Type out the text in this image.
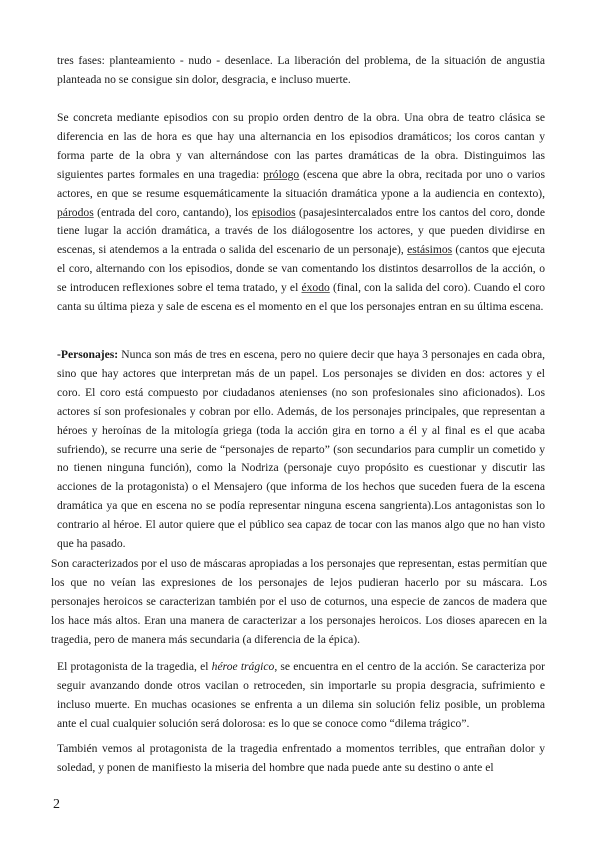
tres fases: planteamiento - nudo - desenlace. La liberación del problema, de la situación de angustia planteada no se consigue sin dolor, desgracia, e incluso muerte.

Se concreta mediante episodios con su propio orden dentro de la obra. Una obra de teatro clásica se diferencia en las de hora es que hay una alternancia en los episodios dramáticos; los coros cantan y forma parte de la obra y van alternándose con las partes dramáticas de la obra. Distinguimos las siguientes partes formales en una tragedia: prólogo (escena que abre la obra, recitada por uno o varios actores, en que se resume esquemáticamente la situación dramática ypone a la audiencia en contexto), párodos (entrada del coro, cantando), los episodios (pasajesintercalados entre los cantos del coro, donde tiene lugar la acción dramática, a través de los diálogosentre los actores, y que pueden dividirse en escenas, si atendemos a la entrada o salida del escenario de un personaje), estásimos (cantos que ejecuta el coro, alternando con los episodios, donde se van comentando los distintos desarrollos de la acción, o se introducen reflexiones sobre el tema tratado, y el éxodo (final, con la salida del coro). Cuando el coro canta su última pieza y sale de escena es el momento en el que los personajes entran en su última escena.

-Personajes: Nunca son más de tres en escena, pero no quiere decir que haya 3 personajes en cada obra, sino que hay actores que interpretan más de un papel. Los personajes se dividen en dos: actores y el coro. El coro está compuesto por ciudadanos atenienses (no son profesionales sino aficionados). Los actores sí son profesionales y cobran por ello. Además, de los personajes principales, que representan a héroes y heroínas de la mitología griega (toda la acción gira en torno a él y al final es el que acaba sufriendo), se recurre una serie de “personajes de reparto” (son secundarios para cumplir un cometido y no tienen ninguna función), como la Nodriza (personaje cuyo propósito es cuestionar y discutir las acciones de la protagonista) o el Mensajero (que informa de los hechos que suceden fuera de la escena dramática ya que en escena no se podía representar ninguna escena sangrienta).Los antagonistas son lo contrario al héroe. El autor quiere que el público sea capaz de tocar con las manos algo que no han visto que ha pasado.

Son caracterizados por el uso de máscaras apropiadas a los personajes que representan, estas permitían que los que no veían las expresiones de los personajes de lejos pudieran hacerlo por su máscara. Los personajes heroicos se caracterizan también por el uso de coturnos, una especie de zancos de madera que los hace más altos. Eran una manera de caracterizar a los personajes heroicos. Los dioses aparecen en la tragedia, pero de manera más secundaria (a diferencia de la épica).

El protagonista de la tragedia, el héroe trágico, se encuentra en el centro de la acción. Se caracteriza por seguir avanzando donde otros vacilan o retroceden, sin importarle su propia desgracia, sufrimiento e incluso muerte. En muchas ocasiones se enfrenta a un dilema sin solución feliz posible, un problema ante el cual cualquier solución será dolorosa: es lo que se conoce como “dilema trágico”.

También vemos al protagonista de la tragedia enfrentado a momentos terribles, que entrañan dolor y soledad, y ponen de manifiesto la miseria del hombre que nada puede ante su destino o ante el

2
